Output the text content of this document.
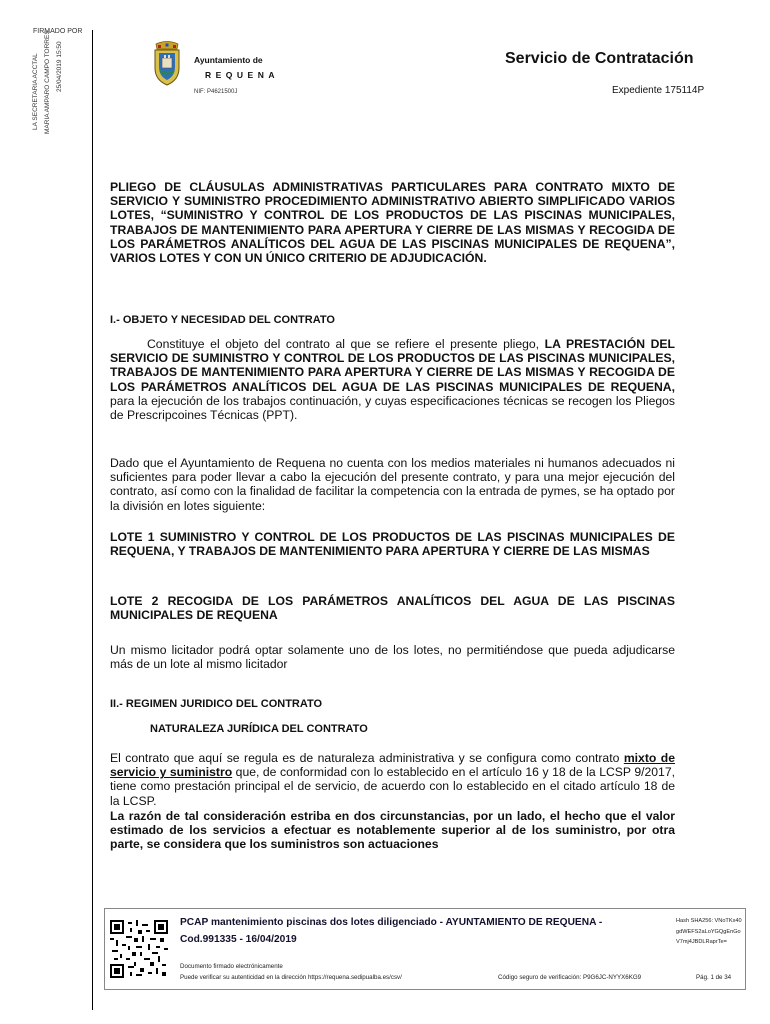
FIRMADO POR
LA SECRETARIA ACCTAL MARIA AMPARO CAMPO TORRES 25/04/2019 15:50	Ayuntamiento de
REQUENA
NIF: P4621500J
Servicio de Contratación
Expediente 175114P
PLIEGO DE CLÁUSULAS ADMINISTRATIVAS PARTICULARES PARA CONTRATO MIXTO DE SERVICIO Y SUMINISTRO PROCEDIMIENTO ADMINISTRATIVO ABIERTO SIMPLIFICADO VARIOS LOTES, “SUMINISTRO Y CONTROL DE LOS PRODUCTOS DE LAS PISCINAS MUNICIPALES, TRABAJOS DE MANTENIMIENTO PARA APERTURA Y CIERRE DE LAS MISMAS Y RECOGIDA DE LOS PARÁMETROS ANALÍTICOS DEL AGUA DE LAS PISCINAS MUNICIPALES DE REQUENA”, VARIOS LOTES Y CON UN ÚNICO CRITERIO DE ADJUDICACIÓN.
I.- OBJETO Y NECESIDAD DEL CONTRATO
Constituye el objeto del contrato al que se refiere el presente pliego, LA PRESTACIÓN DEL SERVICIO DE SUMINISTRO Y CONTROL DE LOS PRODUCTOS DE LAS PISCINAS MUNICIPALES, TRABAJOS DE MANTENIMIENTO PARA APERTURA Y CIERRE DE LAS MISMAS Y RECOGIDA DE LOS PARÁMETROS ANALÍTICOS DEL AGUA DE LAS PISCINAS MUNICIPALES DE REQUENA, para la ejecución de los trabajos continuación, y cuyas especificaciones técnicas se recogen los Pliegos de Prescripcoines Técnicas (PPT).
Dado que el Ayuntamiento de Requena no cuenta con los medios materiales ni humanos adecuados ni suficientes para poder llevar a cabo la ejecución del presente contrato, y para una mejor ejecución del contrato, así como con la finalidad de facilitar la competencia con la entrada de pymes, se ha optado por la división en lotes siguiente:
LOTE 1 SUMINISTRO Y CONTROL DE LOS PRODUCTOS DE LAS PISCINAS MUNICIPALES DE REQUENA, Y TRABAJOS DE MANTENIMIENTO PARA APERTURA Y CIERRE DE LAS MISMAS
LOTE 2 RECOGIDA DE LOS PARÁMETROS ANALÍTICOS DEL AGUA DE LAS PISCINAS MUNICIPALES DE REQUENA
Un mismo licitador podrá optar solamente uno de los lotes, no permitiéndose que pueda adjudicarse más de un lote al mismo licitador
II.- REGIMEN JURIDICO DEL CONTRATO
NATURALEZA JURÍDICA DEL CONTRATO
El contrato que aquí se regula es de naturaleza administrativa y se configura como contrato mixto de servicio y suministro que, de conformidad con lo establecido en el artículo 16 y 18 de la LCSP 9/2017, tiene como prestación principal el de servicio, de acuerdo con lo establecido en el citado artículo 18 de la LCSP.
La razón de tal consideración estriba en dos circunstancias, por un lado, el hecho que el valor estimado de los servicios a efectuar es notablemente superior al de los suministro, por otra parte, se considera que los suministros son actuaciones
PCAP mantenimiento piscinas dos lotes diligenciado - AYUNTAMIENTO DE REQUENA - Cod.991335 - 16/04/2019
Documento firmado electrónicamente
Puede verificar su autenticidad en la dirección https://requena.sedipualba.es/csv/	Código seguro de verificación: P9G6JC-NYYX6KG9	Pág. 1 de 34
Hash SHA256: VNoTKx40gdWEFS2aLoYGQgEnGoV7mj4JBDLRaprTe=
